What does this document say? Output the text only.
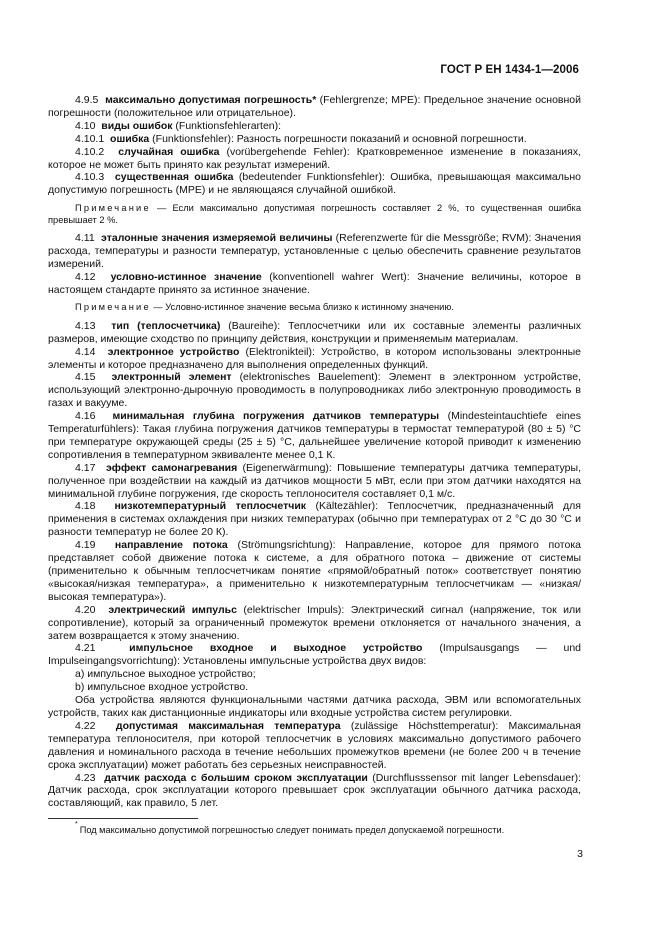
ГОСТ Р ЕН 1434-1—2006

4.9.5 максимально допустимая погрешность* (Fehlergrenze; MPE): Предельное значение основной погрешности (положительное или отрицательное).

4.10 виды ошибок (Funktionsfehlerarten):

4.10.1 ошибка (Funktionsfehler): Разность погрешности показаний и основной погрешности.

4.10.2 случайная ошибка (vorübergehende Fehler): Кратковременное изменение в показаниях, которое не может быть принято как результат измерений.

4.10.3 существенная ошибка (bedeutender Funktionsfehler): Ошибка, превышающая максимально допустимую погрешность (MPE) и не являющаяся случайной ошибкой.

Примечание — Если максимально допустимая погрешность составляет 2 %, то существенная ошибка превышает 2 %.

4.11 эталонные значения измеряемой величины (Referenzwerte für die Messgröße; RVM): Значения расхода, температуры и разности температур, установленные с целью обеспечить сравнение результатов измерений.

4.12 условно-истинное значение (konventionell wahrer Wert): Значение величины, которое в настоящем стандарте принято за истинное значение.

Примечание — Условно-истинное значение весьма близко к истинному значению.

4.13 тип (теплосчетчика) (Baureihe): Теплосчетчики или их составные элементы различных размеров, имеющие сходство по принципу действия, конструкции и применяемым материалам.

4.14 электронное устройство (Elektronikteil): Устройство, в котором использованы электронные элементы и которое предназначено для выполнения определенных функций.

4.15 электронный элемент (elektronisches Bauelement): Элемент в электронном устройстве, использующий электронно-дырочную проводимость в полупроводниках либо электронную проводимость в газах и вакууме.

4.16 минимальная глубина погружения датчиков температуры (Mindesteintauchtiefe eines Temperaturfühlers): Такая глубина погружения датчиков температуры в термостат температурой (80 ± 5) °С при температуре окружающей среды (25 ± 5) °С, дальнейшее увеличение которой приводит к изменению сопротивления в температурном эквиваленте менее 0,1 К.

4.17 эффект самонагревания (Eigenerwärmung): Повышение температуры датчика температуры, полученное при воздействии на каждый из датчиков мощности 5 мВт, если при этом датчики находятся на минимальной глубине погружения, где скорость теплоносителя составляет 0,1 м/с.

4.18 низкотемпературный теплосчетчик (Kältezähler): Теплосчетчик, предназначенный для применения в системах охлаждения при низких температурах (обычно при температурах от 2 °С до 30 °С и разности температур не более 20 К).

4.19 направление потока (Strömungsrichtung): Направление, которое для прямого потока представляет собой движение потока к системе, а для обратного потока – движение от системы (применительно к обычным теплосчетчикам понятие «прямой/обратный поток» соответствует понятию «высокая/низкая температура», а применительно к низкотемпературным теплосчетчикам — «низкая/высокая температура»).

4.20 электрический импульс (elektrischer Impuls): Электрический сигнал (напряжение, ток или сопротивление), который за ограниченный промежуток времени отклоняется от начального значения, а затем возвращается к этому значению.

4.21	импульсное входное и выходное устройство (Impulsausgangs — und Impulseingangsvorrichtung): Установлены импульсные устройства двух видов:

а) импульсное выходное устройство;

b) импульсное входное устройство.

Оба устройства являются функциональными частями датчика расхода, ЭВМ или вспомогательных устройств, таких как дистанционные индикаторы или входные устройства систем регулировки.

4.22 допустимая максимальная температура (zulässige Höchsttemperatur): Максимальная температура теплоносителя, при которой теплосчетчик в условиях максимально допустимого рабочего давления и номинального расхода в течение небольших промежутков времени (не более 200 ч в течение срока эксплуатации) может работать без серьезных неисправностей.

4.23 датчик расхода с большим сроком эксплуатации (Durchflusssensor mit langer Lebensdauer): Датчик расхода, срок эксплуатации которого превышает срок эксплуатации обычного датчика расхода, составляющий, как правило, 5 лет.

*Под максимально допустимой погрешностью следует понимать предел допускаемой погрешности.
3
